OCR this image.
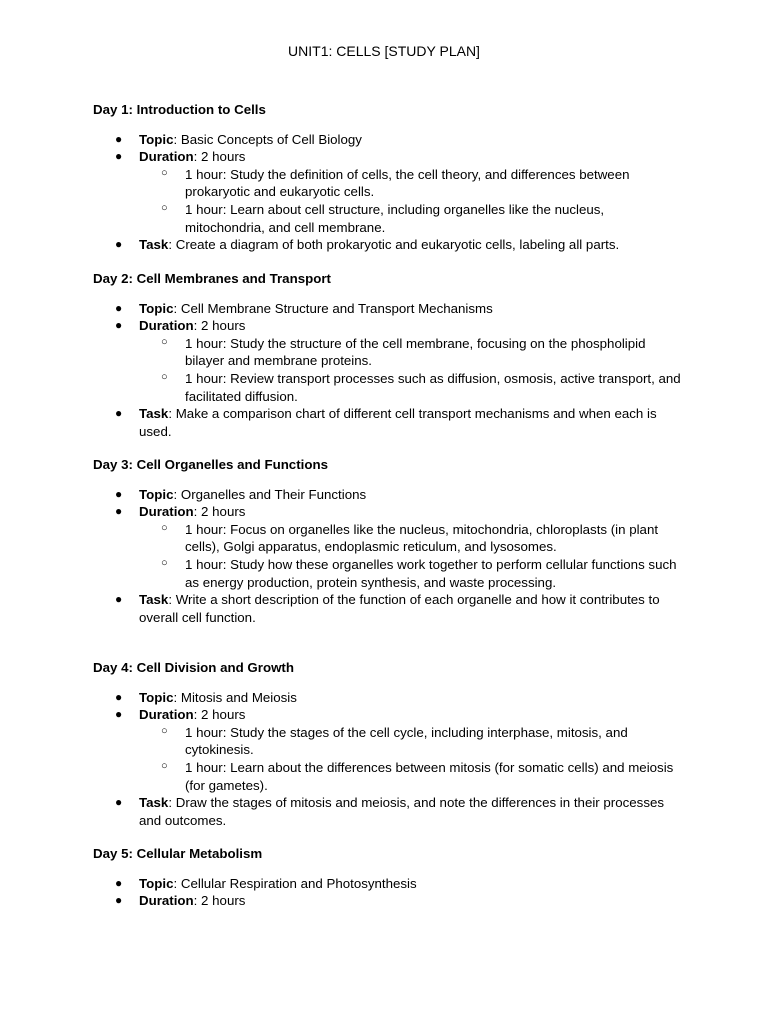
UNIT1: CELLS [STUDY PLAN]
Day 1: Introduction to Cells
● Topic: Basic Concepts of Cell Biology
● Duration: 2 hours
○ 1 hour: Study the definition of cells, the cell theory, and differences between prokaryotic and eukaryotic cells.
○ 1 hour: Learn about cell structure, including organelles like the nucleus, mitochondria, and cell membrane.
● Task: Create a diagram of both prokaryotic and eukaryotic cells, labeling all parts.
Day 2: Cell Membranes and Transport
● Topic: Cell Membrane Structure and Transport Mechanisms
● Duration: 2 hours
○ 1 hour: Study the structure of the cell membrane, focusing on the phospholipid bilayer and membrane proteins.
○ 1 hour: Review transport processes such as diffusion, osmosis, active transport, and facilitated diffusion.
● Task: Make a comparison chart of different cell transport mechanisms and when each is used.
Day 3: Cell Organelles and Functions
● Topic: Organelles and Their Functions
● Duration: 2 hours
○ 1 hour: Focus on organelles like the nucleus, mitochondria, chloroplasts (in plant cells), Golgi apparatus, endoplasmic reticulum, and lysosomes.
○ 1 hour: Study how these organelles work together to perform cellular functions such as energy production, protein synthesis, and waste processing.
● Task: Write a short description of the function of each organelle and how it contributes to overall cell function.
Day 4: Cell Division and Growth
● Topic: Mitosis and Meiosis
● Duration: 2 hours
○ 1 hour: Study the stages of the cell cycle, including interphase, mitosis, and cytokinesis.
○ 1 hour: Learn about the differences between mitosis (for somatic cells) and meiosis (for gametes).
● Task: Draw the stages of mitosis and meiosis, and note the differences in their processes and outcomes.
Day 5: Cellular Metabolism
● Topic: Cellular Respiration and Photosynthesis
● Duration: 2 hours
